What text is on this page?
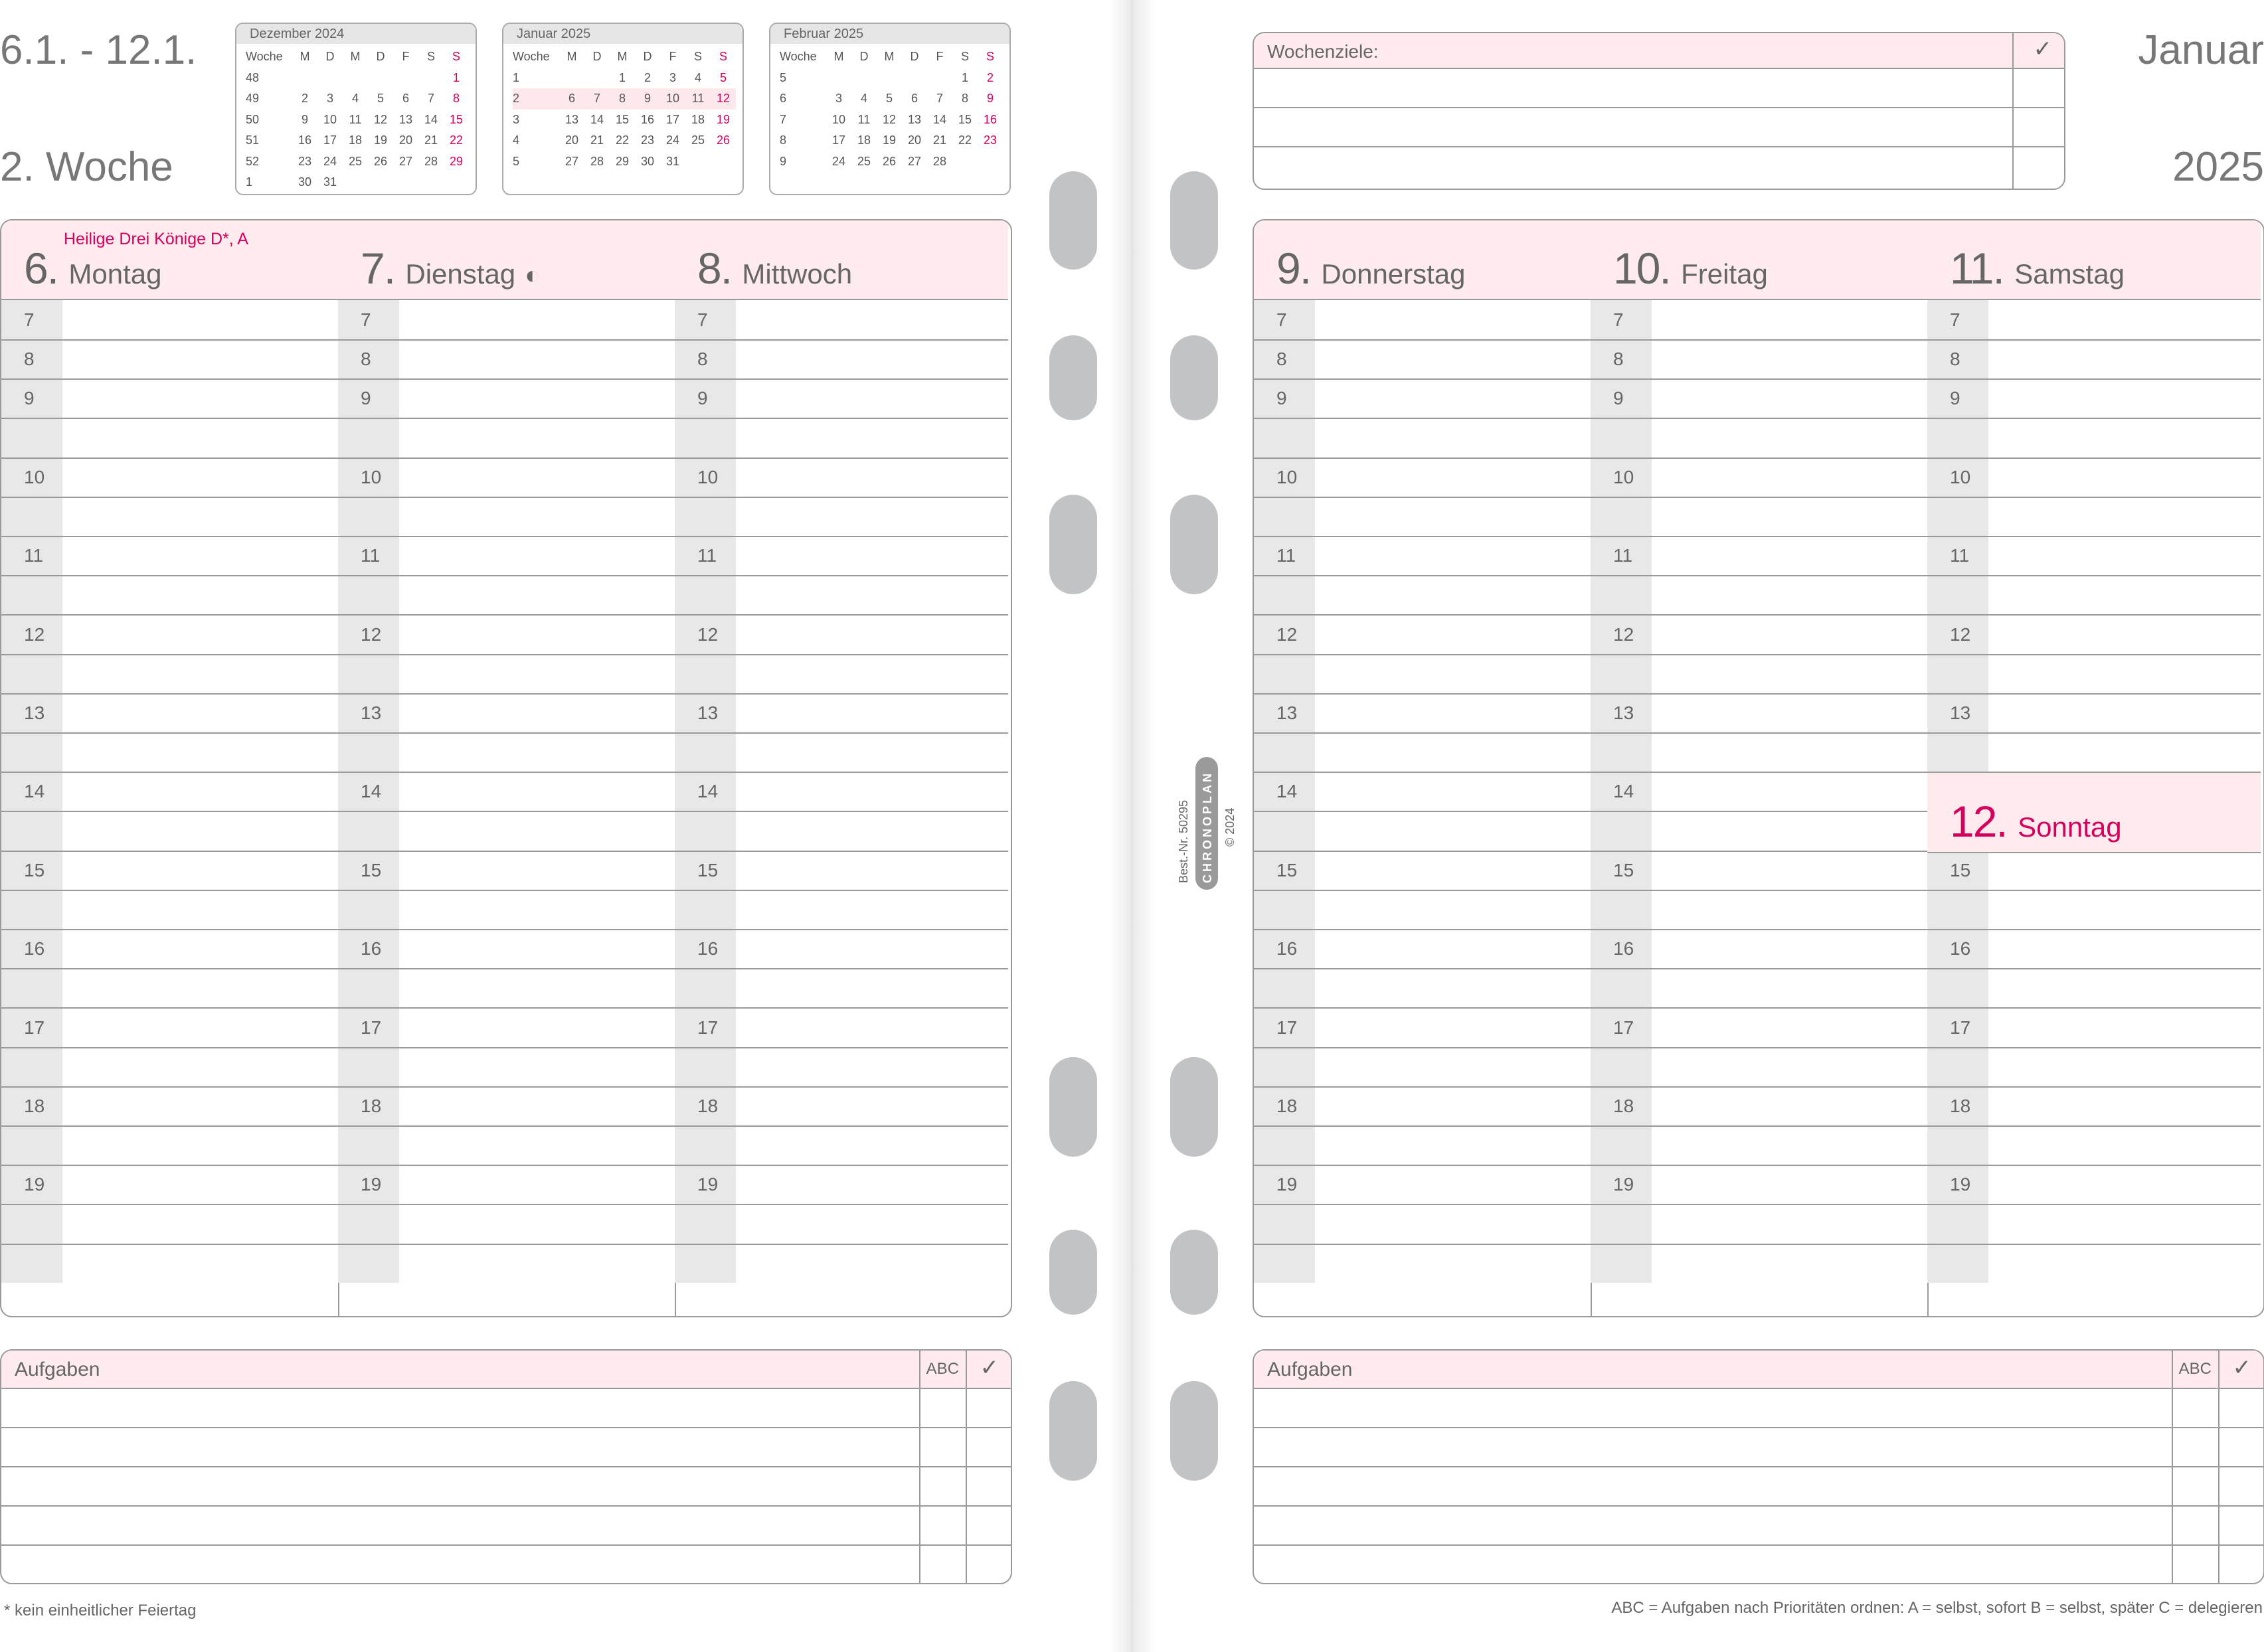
6.1. - 12.1.
2. Woche
Dezember 2024
Woche	M	D	M	D	F	S	S
48							1
49	2	3	4	5	6	7	8
50	9	10	11	12	13	14	15
51	16	17	18	19	20	21	22
52	23	24	25	26	27	28	29
1	30	31					
Januar 2025
Woche	M	D	M	D	F	S	S
1			1	2	3	4	5
2	6	7	8	9	10	11	12
3	13	14	15	16	17	18	19
4	20	21	22	23	24	25	26
5	27	28	29	30	31		
Februar 2025
Woche	M	D	M	D	F	S	S
5						1	2
6	3	4	5	6	7	8	9
7	10	11	12	13	14	15	16
8	17	18	19	20	21	22	23
9	24	25	26	27	28		
6. Montag
Heilige Drei Könige D*, A
7
8
9
10
11
12
13
14
15
16
17
18
19
7. Dienstag ◐
7
8
9
10
11
12
13
14
15
16
17
18
19
8. Mittwoch
7
8
9
10
11
12
13
14
15
16
17
18
19
Aufgaben	ABC ✓
* kein einheitlicher Feiertag
Best.-Nr. 50295 CHRONOPLAN © 2024
Januar
2025
Wochenziele:	✓
9. Donnerstag
7
8
9
10
11
12
13
14
15
16
17
18
19
10. Freitag
7
8
9
10
11
12
13
14
15
16
17
18
19
11. Samstag
7
8
9
10
11
12
13
15
16
17
18
19
12. Sonntag
Aufgaben	ABC ✓
ABC = Aufgaben nach Prioritäten ordnen: A = selbst, sofort B = selbst, später C = delegieren
